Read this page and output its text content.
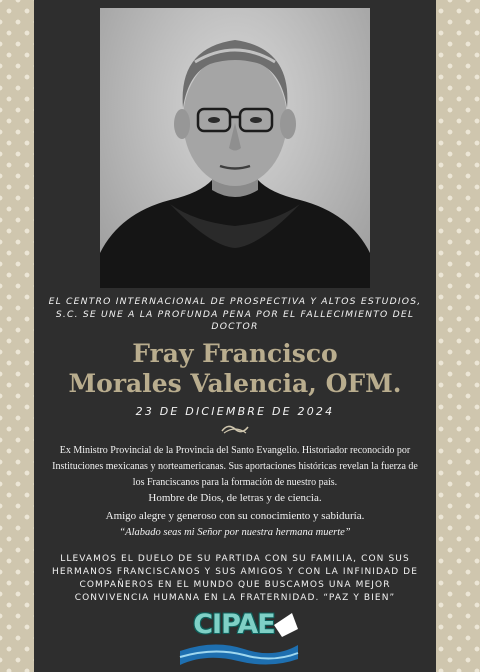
EL CENTRO INTERNACIONAL DE PROSPECTIVA Y ALTOS ESTUDIOS, S.C. SE UNE A LA PROFUNDA PENA POR EL FALLECIMIENTO DEL DOCTOR

Fray Francisco
Morales Valencia, OFM.

23 DE DICIEMBRE DE 2024

Ex Ministro Provincial de la Provincia del Santo Evangelio. Historiador reconocido por Instituciones mexicanas y norteamericanas. Sus aportaciones históricas revelan la fuerza de los Franciscanos para la formación de nuestro país.

Hombre de Dios, de letras y de ciencia.

Amigo alegre y generoso con su conocimiento y sabiduría.

“Alabado seas mi Señor por nuestra hermana muerte”

LLEVAMOS EL DUELO DE SU PARTIDA CON SU FAMILIA, CON SUS HERMANOS FRANCISCANOS Y SUS AMIGOS Y CON LA INFINIDAD DE COMPAÑEROS EN EL MUNDO QUE BUSCAMOS UNA MEJOR CONVIVENCIA HUMANA EN LA FRATERNIDAD. “PAZ Y BIEN”

CIPAE
